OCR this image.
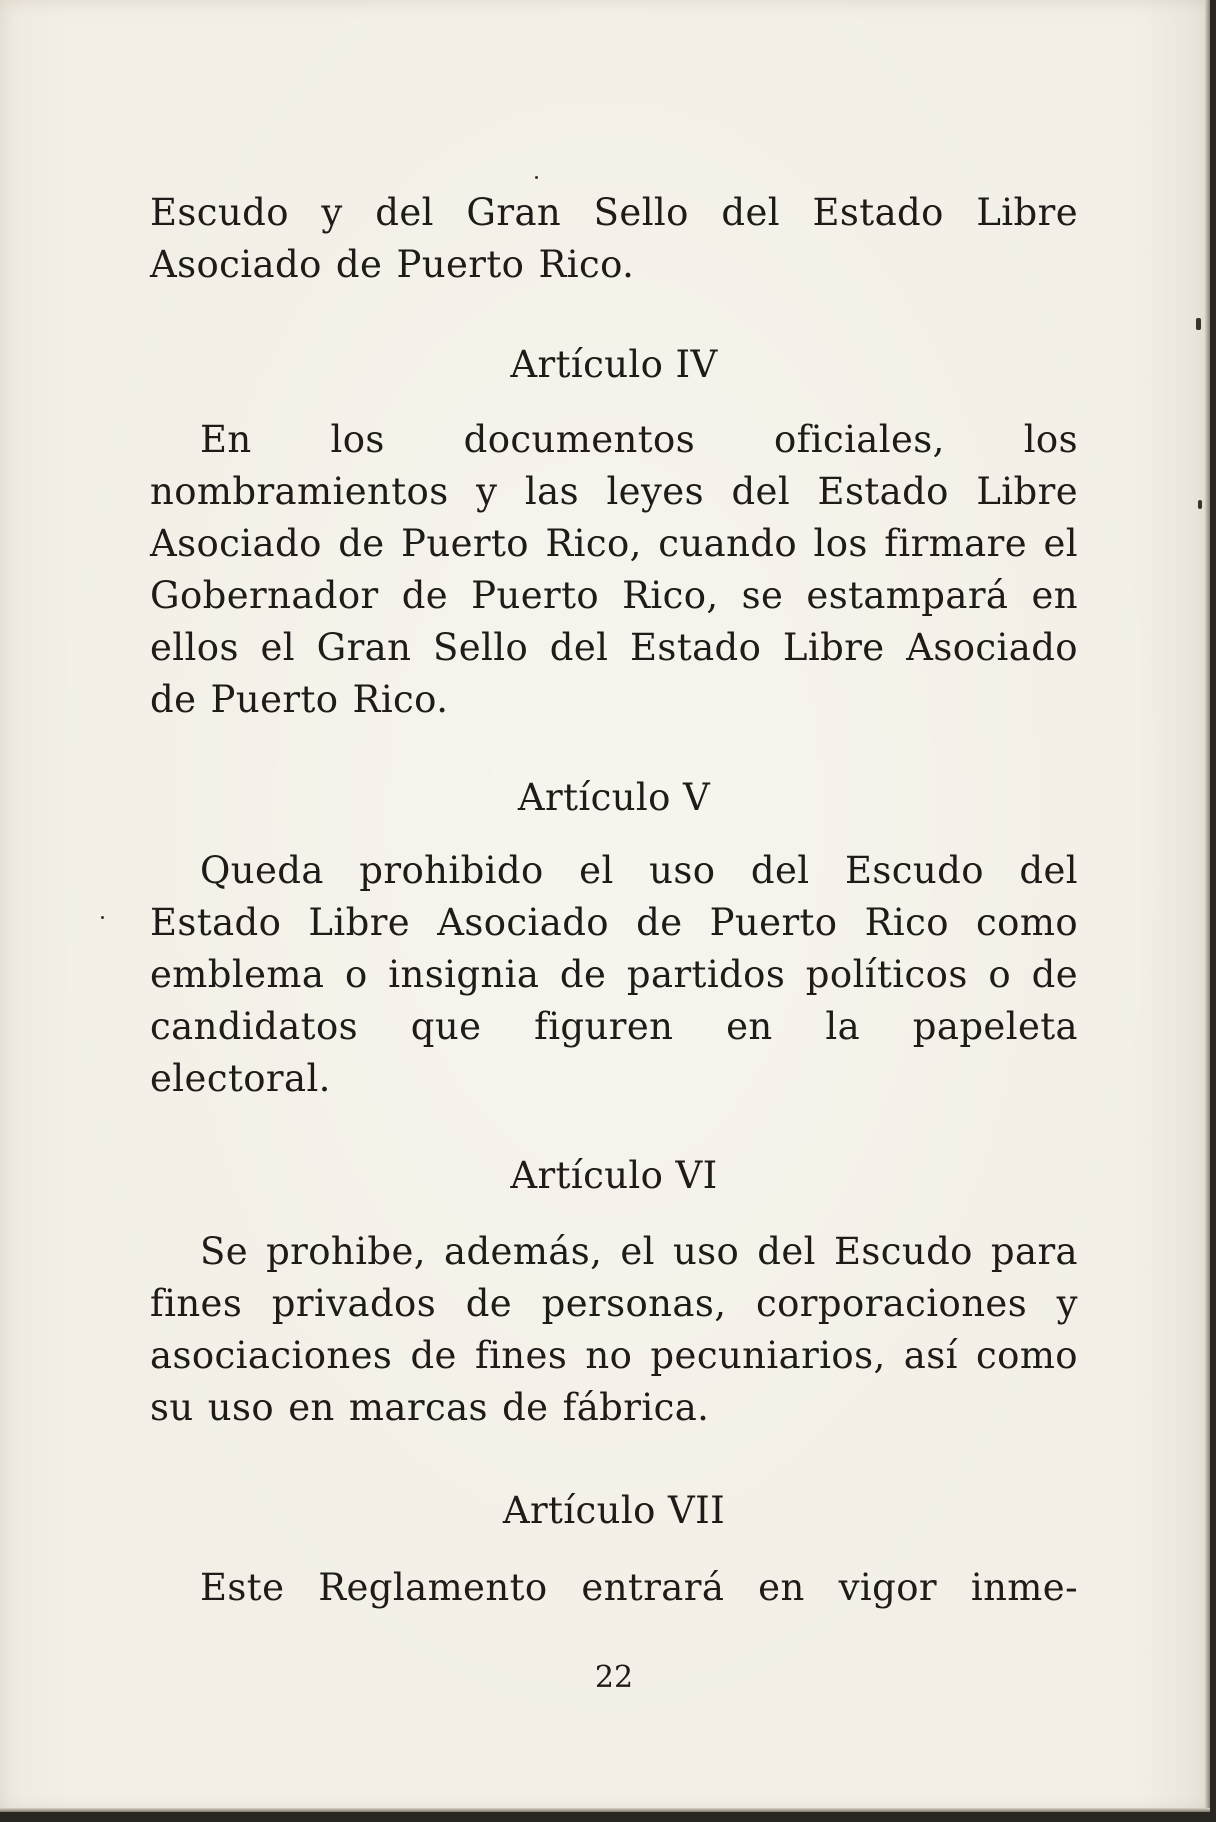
Escudo y del Gran Sello del Estado Libre Asociado de Puerto Rico.

Artículo IV

En los documentos oficiales, los nombramientos y las leyes del Estado Libre Asociado de Puerto Rico, cuando los firmare el Gobernador de Puerto Rico, se estampará en ellos el Gran Sello del Estado Libre Asociado de Puerto Rico.

Artículo V

Queda prohibido el uso del Escudo del Estado Libre Asociado de Puerto Rico como emblema o insignia de partidos políticos o de candidatos que figuren en la papeleta electoral.

Artículo VI

Se prohibe, además, el uso del Escudo para fines privados de personas, corporaciones y asociaciones de fines no pecuniarios, así como su uso en marcas de fábrica.

Artículo VII

Este Reglamento entrará en vigor inme-

22
